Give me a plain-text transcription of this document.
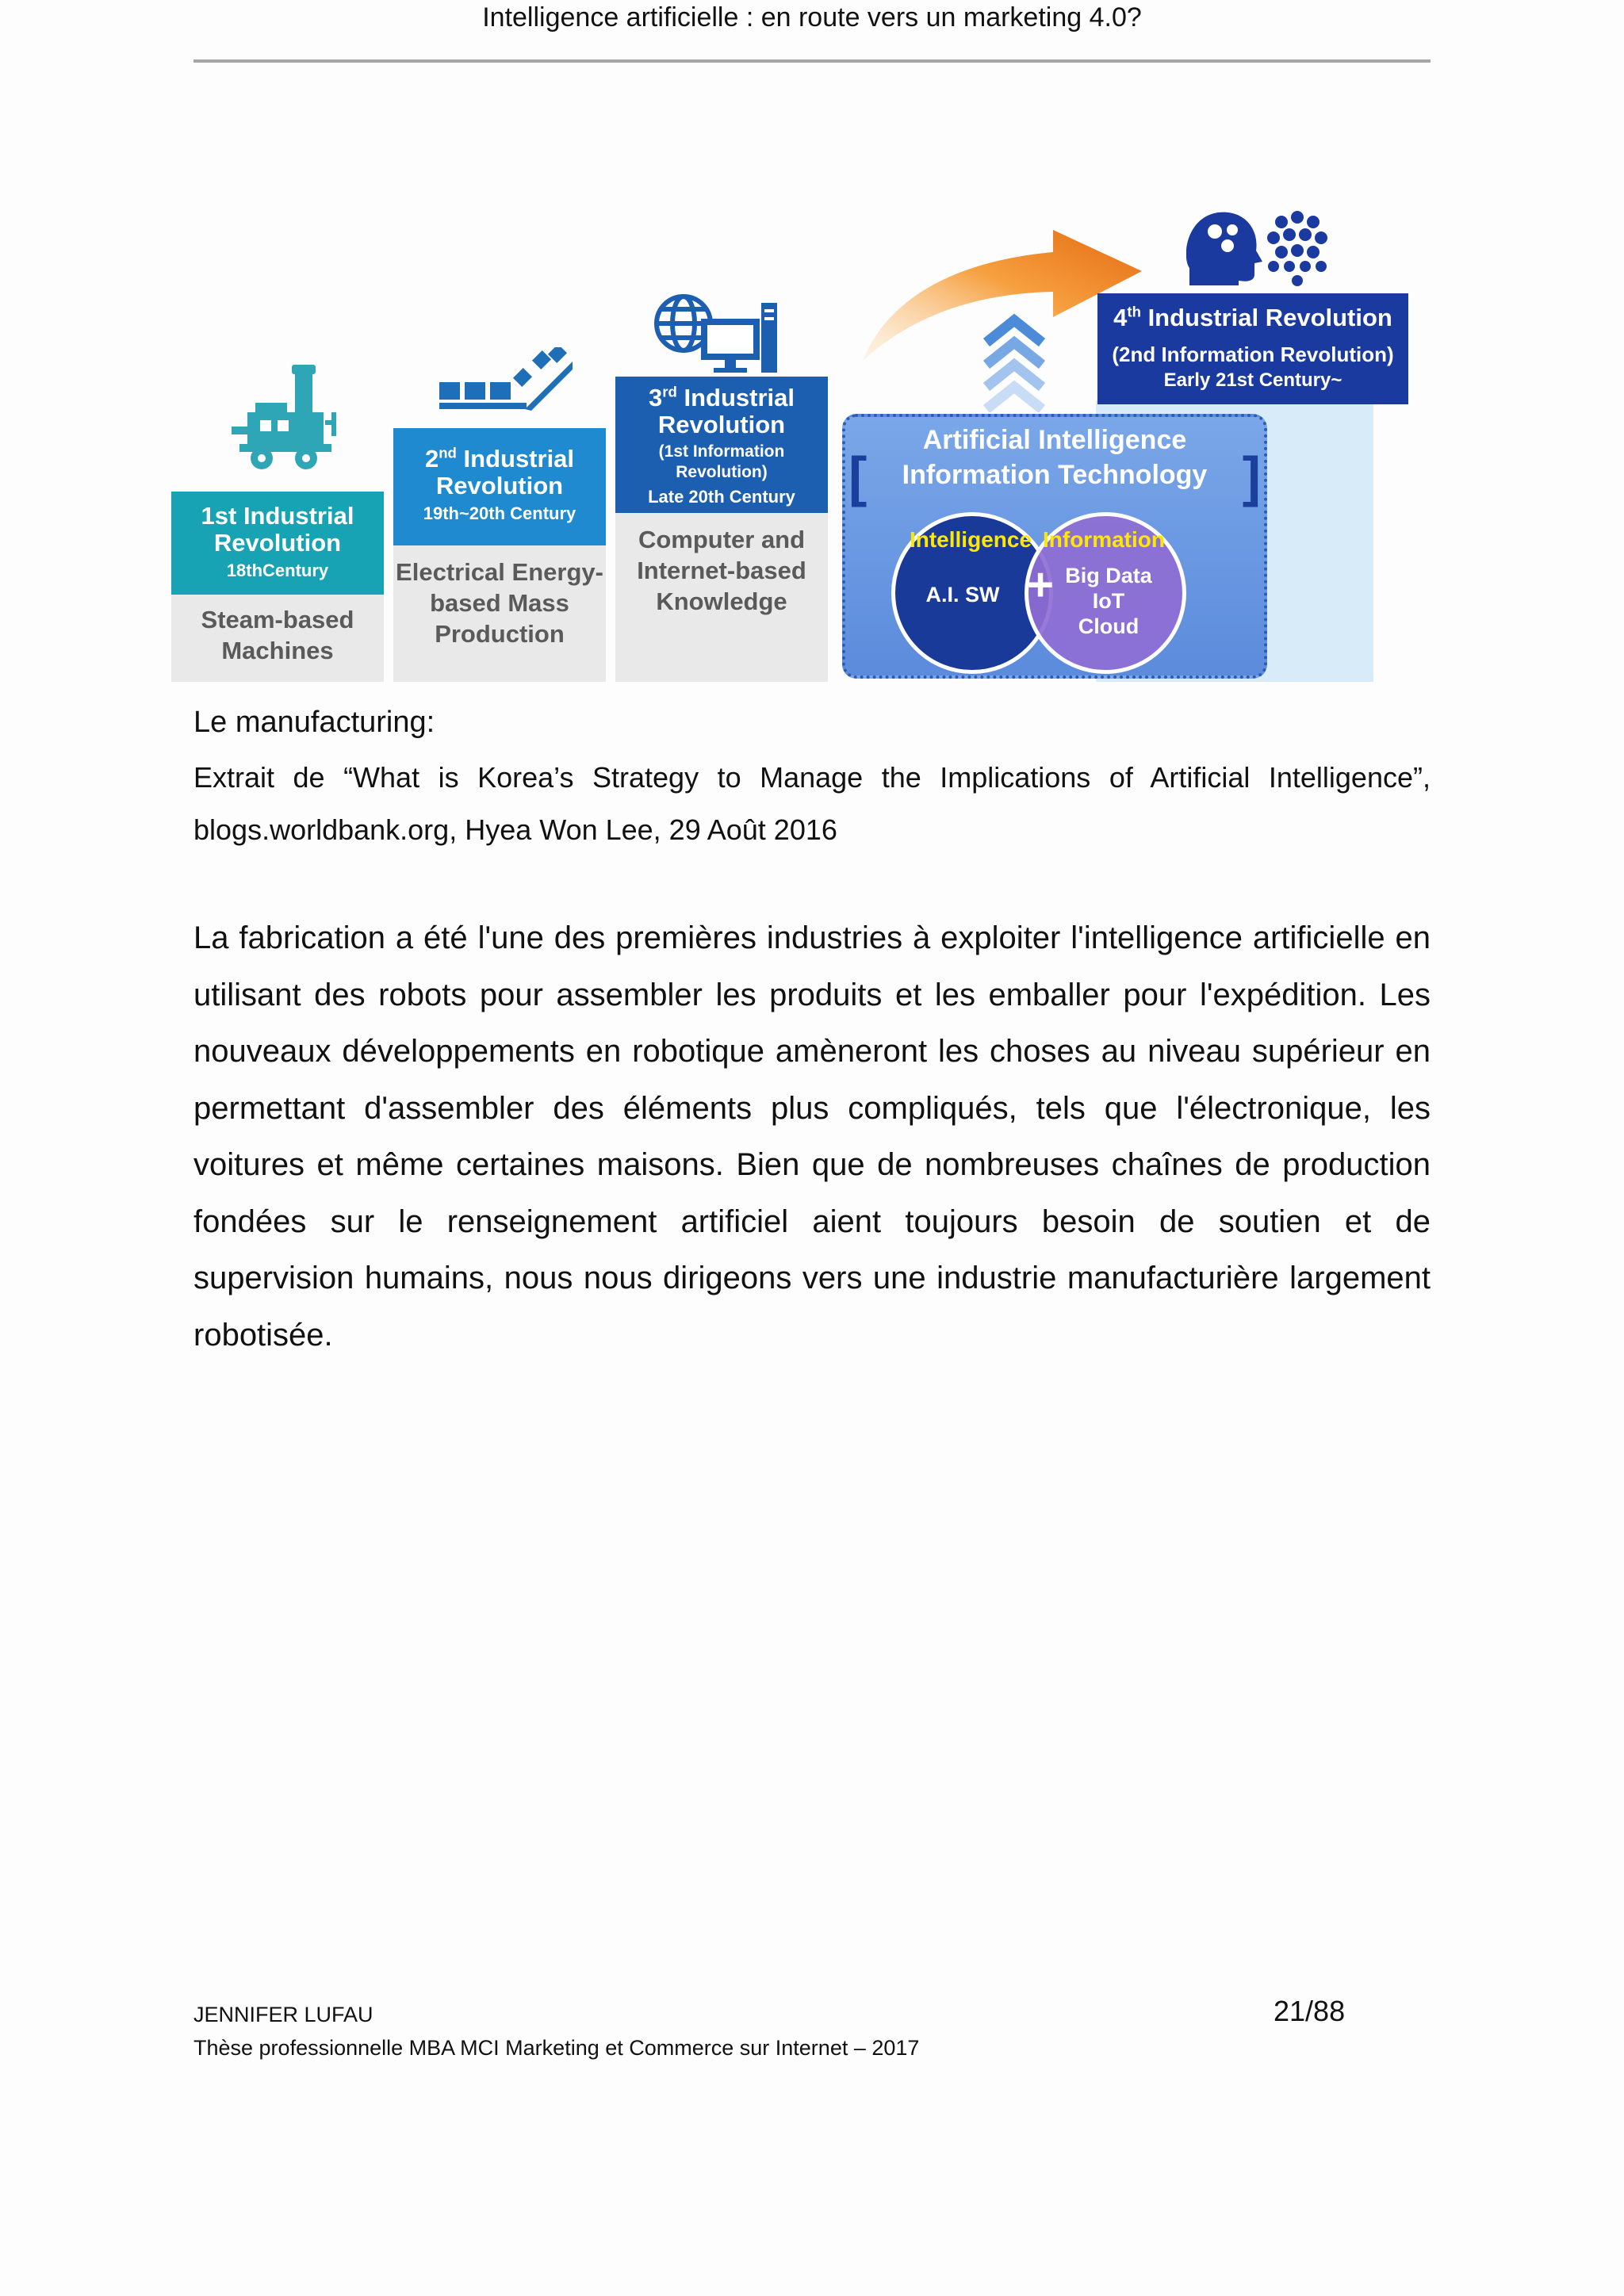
Intelligence artificielle : en route vers un marketing 4.0?
1st Industrial Revolution
18thCentury
Steam-based Machines
2nd Industrial Revolution
19th~20th Century
Electrical Energy-based Mass Production
3rd Industrial Revolution
(1st Information Revolution)
Late 20th Century
Computer and Internet-based Knowledge
4th Industrial Revolution
(2nd Information Revolution)
Early 21st Century~
[	]
Artificial Intelligence
Information Technology
Intelligence
A.I. SW
Information
Big Data
IoT
Cloud
+
Le manufacturing:
Extrait de “What is Korea’s Strategy to Manage the Implications of Artificial Intelligence”,
blogs.worldbank.org, Hyea Won Lee, 29 Août 2016
La fabrication a été l'une des premières industries à exploiter l'intelligence artificielle en utilisant des robots pour assembler les produits et les emballer pour l'expédition. Les nouveaux développements en robotique amèneront les choses au niveau supérieur en permettant d'assembler des éléments plus compliqués, tels que l'électronique, les voitures et même certaines maisons. Bien que de nombreuses chaînes de production fondées sur le renseignement artificiel aient toujours besoin de soutien et de supervision humains, nous nous dirigeons vers une industrie manufacturière largement robotisée.
JENNIFER LUFAU	21/88
Thèse professionnelle MBA MCI Marketing et Commerce sur Internet – 2017
